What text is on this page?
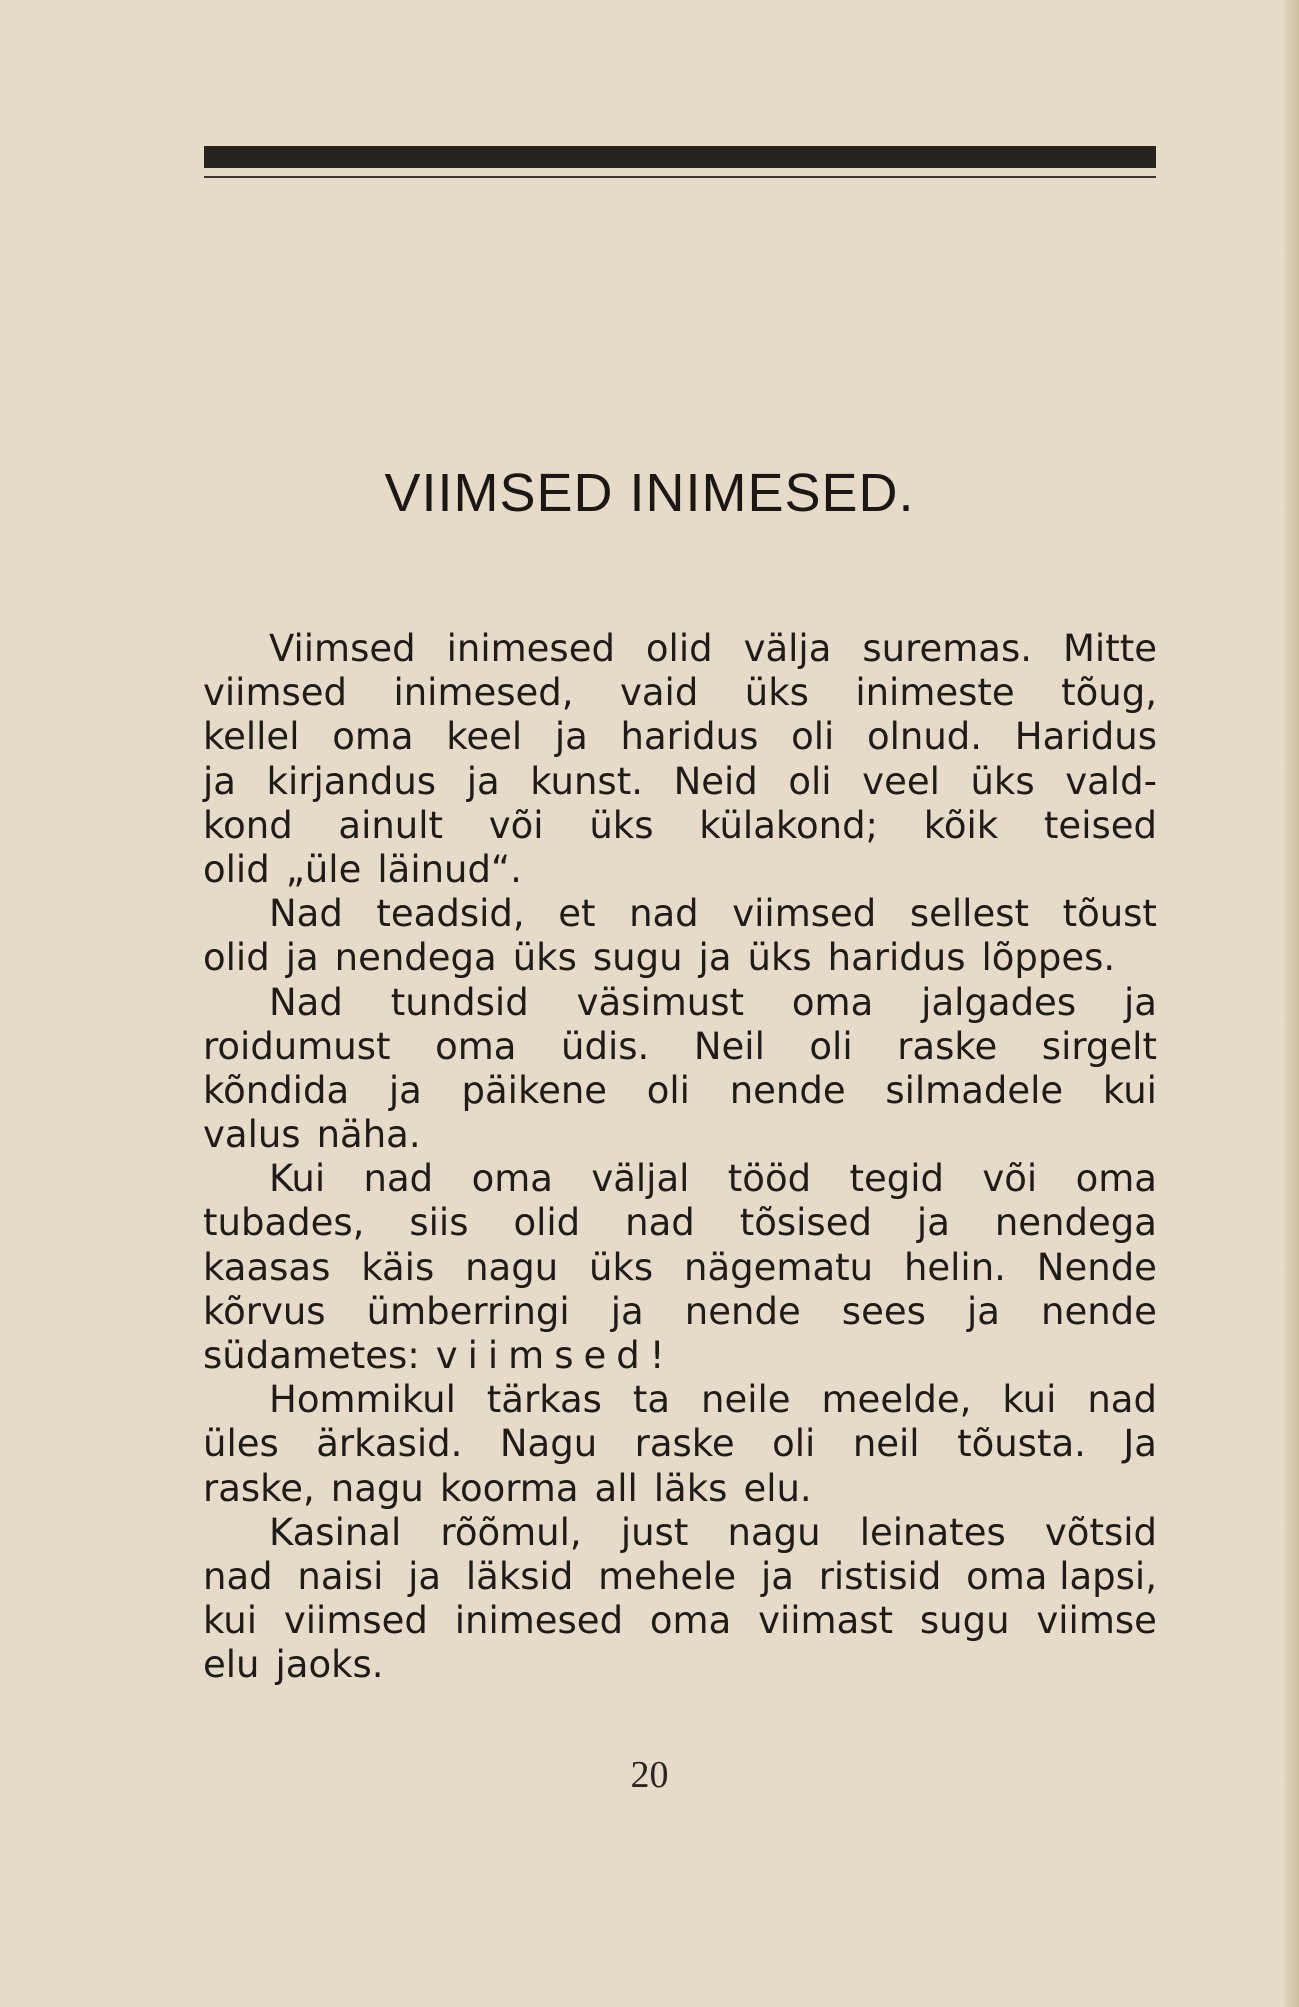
VIIMSED INIMESED.
Viimsed inimesed olid välja suremas. Mitte
viimsed inimesed, vaid üks inimeste tõug,
kellel oma keel ja haridus oli olnud. Haridus
ja kirjandus ja kunst. Neid oli veel üks vald-
kond ainult või üks külakond; kõik teised
olid „üle läinud“.
Nad teadsid, et nad viimsed sellest tõust
olid ja nendega üks sugu ja üks haridus lõppes.
Nad tundsid väsimust oma jalgades ja
roidumust oma üdis. Neil oli raske sirgelt
kõndida ja päikene oli nende silmadele kui
valus näha.
Kui nad oma väljal tööd tegid või oma
tubades, siis olid nad tõsised ja nendega
kaasas käis nagu üks nägematu helin. Nende
kõrvus ümberringi ja nende sees ja nende
südametes: viimsed!
Hommikul tärkas ta neile meelde, kui nad
üles ärkasid. Nagu raske oli neil tõusta. Ja
raske, nagu koorma all läks elu.
Kasinal rõõmul, just nagu leinates võtsid
nad naisi ja läksid mehele ja ristisid oma lapsi,
kui viimsed inimesed oma viimast sugu viimse
elu jaoks.
20
